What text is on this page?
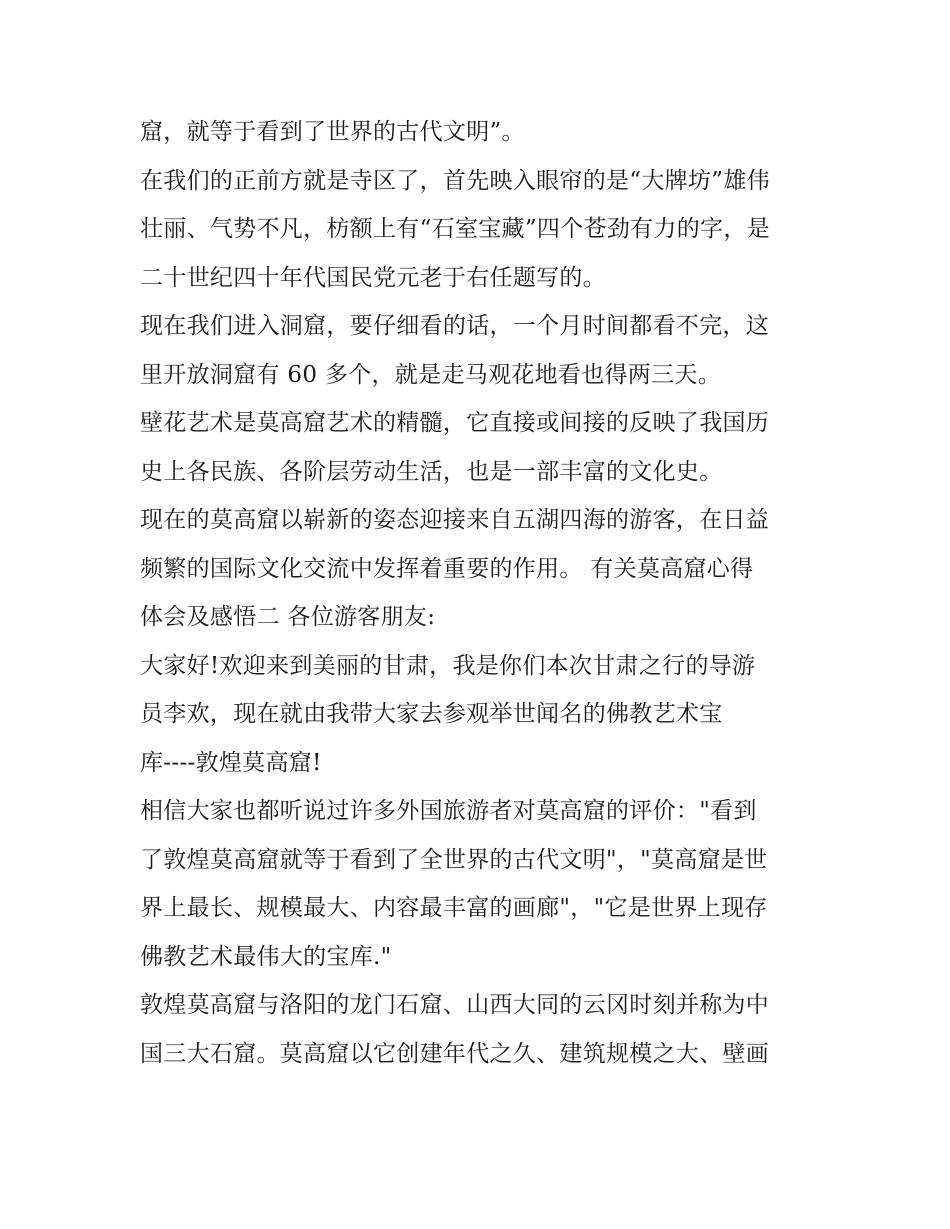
窟，就等于看到了世界的古代文明”。
在我们的正前方就是寺区了，首先映入眼帘的是“大牌坊”雄伟
壮丽、气势不凡，枋额上有“石室宝藏”四个苍劲有力的字，是
二十世纪四十年代国民党元老于右任题写的。
现在我们进入洞窟，要仔细看的话，一个月时间都看不完，这
里开放洞窟有 60 多个，就是走马观花地看也得两三天。
壁花艺术是莫高窟艺术的精髓，它直接或间接的反映了我国历
史上各民族、各阶层劳动生活，也是一部丰富的文化史。
现在的莫高窟以崭新的姿态迎接来自五湖四海的游客，在日益
频繁的国际文化交流中发挥着重要的作用。 有关莫高窟心得
体会及感悟二 各位游客朋友:
大家好!欢迎来到美丽的甘肃，我是你们本次甘肃之行的导游
员李欢，现在就由我带大家去参观举世闻名的佛教艺术宝
库----敦煌莫高窟!
相信大家也都听说过许多外国旅游者对莫高窟的评价："看到
了敦煌莫高窟就等于看到了全世界的古代文明"，"莫高窟是世
界上最长、规模最大、内容最丰富的画廊"，"它是世界上现存
佛教艺术最伟大的宝库."
敦煌莫高窟与洛阳的龙门石窟、山西大同的云冈时刻并称为中
国三大石窟。莫高窟以它创建年代之久、建筑规模之大、壁画
